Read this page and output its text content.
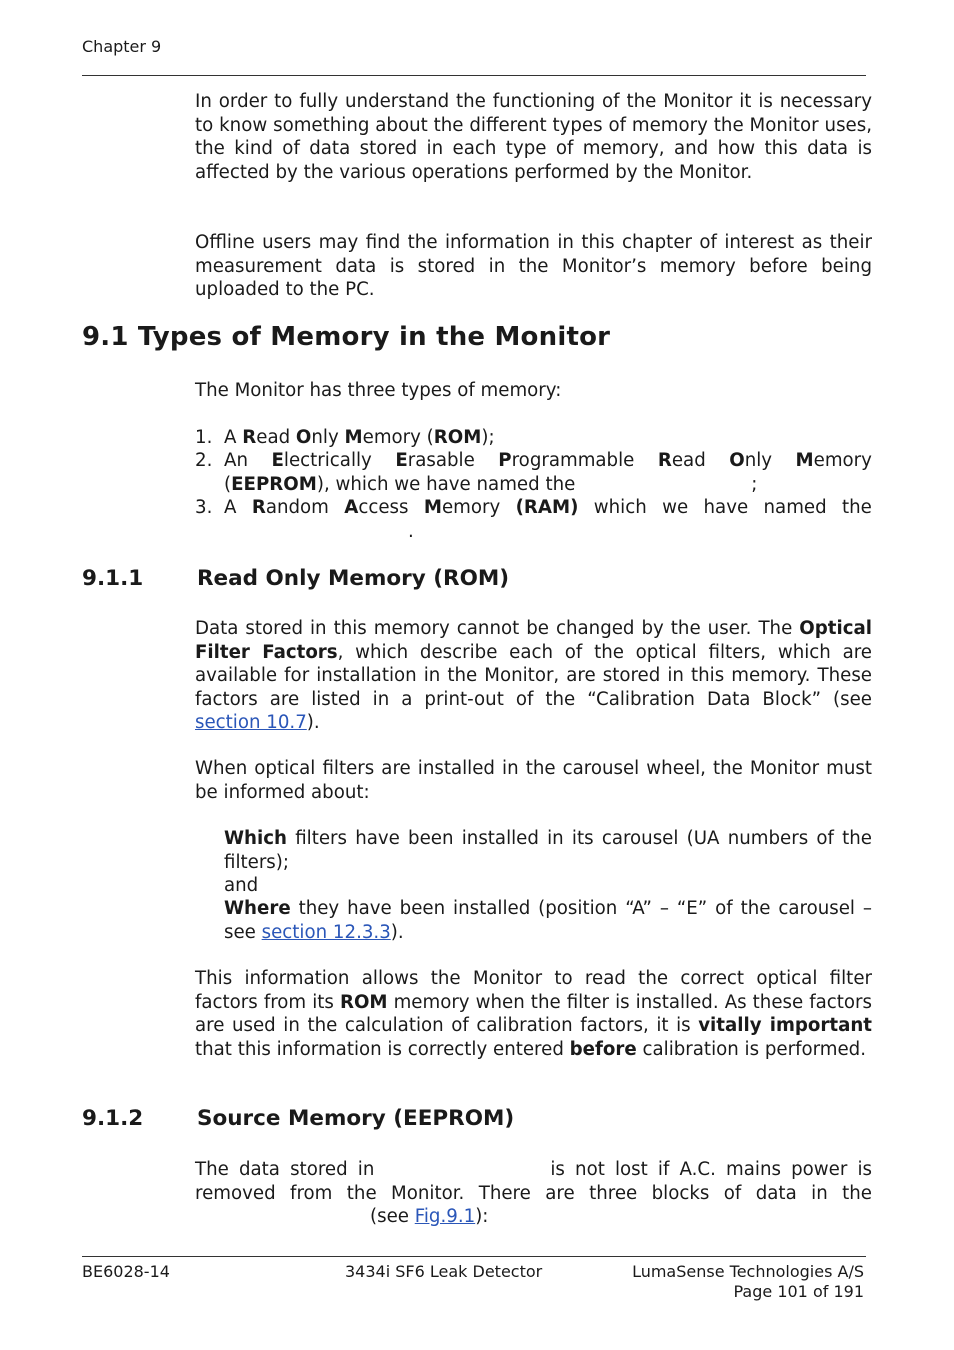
Chapter 9

In order to fully understand the functioning of the Monitor it is necessary to know something about the different types of memory the Monitor uses, the kind of data stored in each type of memory, and how this data is affected by the various operations performed by the Monitor.

Offline users may find the information in this chapter of interest as their measurement data is stored in the Monitor’s memory before being uploaded to the PC.

9.1 Types of Memory in the Monitor

The Monitor has three types of memory:

1. A Read Only Memory (ROM);
2. An Electrically Erasable Programmable Read Only Memory
(EEPROM), which we have named the	;
3. A Random Access Memory (RAM) which we have named the
.
9.1.1	Read Only Memory (ROM)

Data stored in this memory cannot be changed by the user. The Optical Filter Factors, which describe each of the optical filters, which are available for installation in the Monitor, are stored in this memory. These factors are listed in a print-out of the “Calibration Data Block” (see section 10.7).

When optical filters are installed in the carousel wheel, the Monitor must be informed about:

Which filters have been installed in its carousel (UA numbers of the filters);

and

Where they have been installed (position “A” – “E” of the carousel – see section 12.3.3).

This information allows the Monitor to read the correct optical filter factors from its ROM memory when the filter is installed. As these factors are used in the calculation of calibration factors, it is vitally important that this information is correctly entered before calibration is performed.

9.1.2	Source Memory (EEPROM)
The data stored in	is not lost if A.C. mains power is removed from the Monitor. There are three blocks of data in the
(see Fig.9.1):
BE6028-14	3434i SF6 Leak Detector	LumaSense Technologies A/S
Page 101 of 191
